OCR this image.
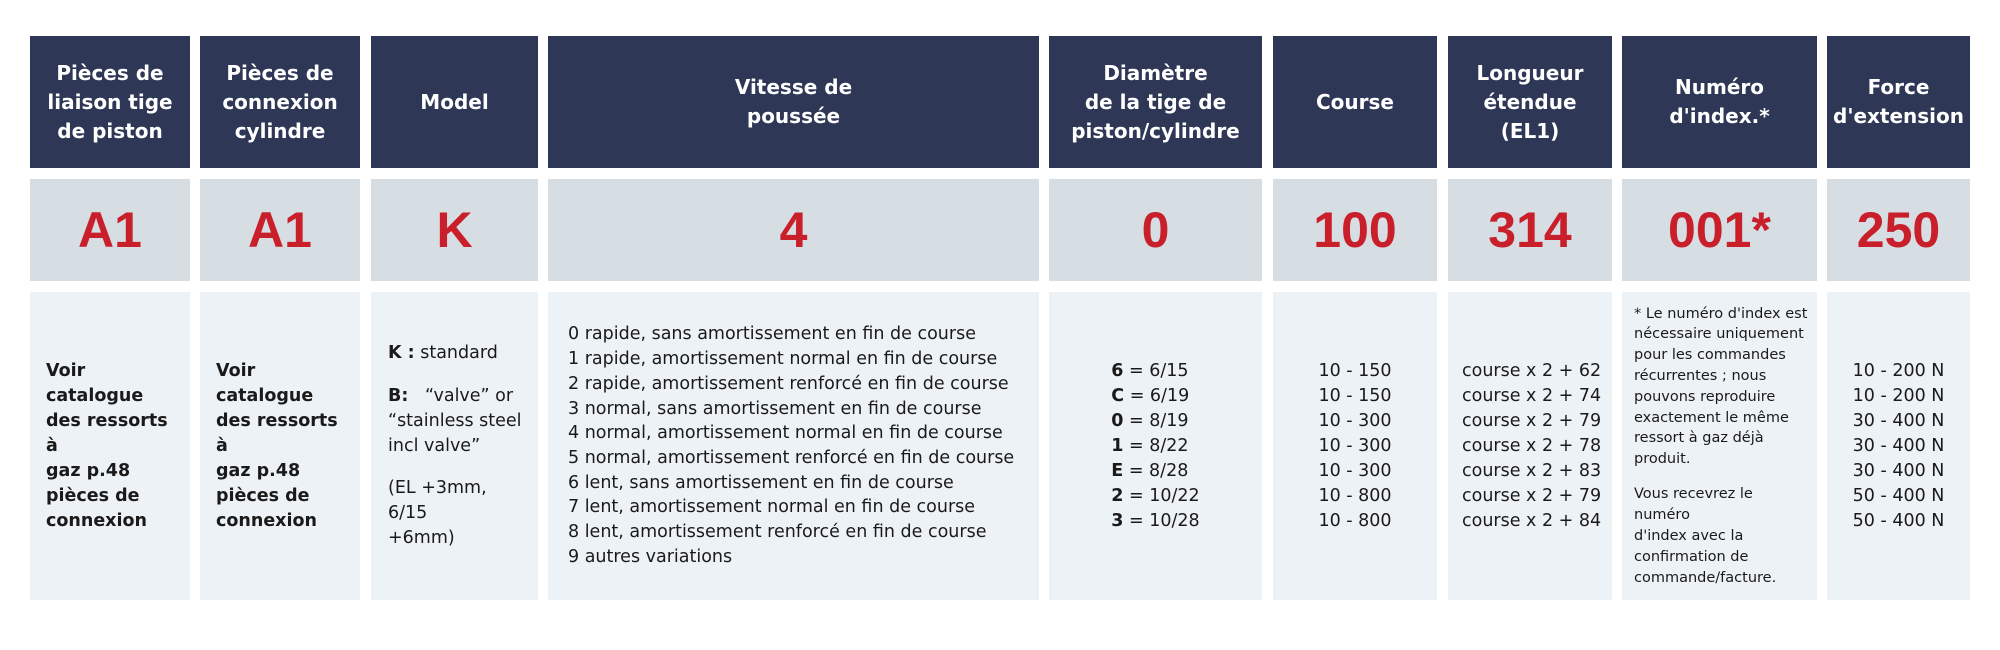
Pièces de
liaison tige
de piston
A1
Voir catalogue
des ressorts à
gaz p.48
pièces de
connexion
Pièces de
connexion
cylindre
A1
Voir catalogue
des ressorts à
gaz p.48
pièces de
connexion
Model
K
K : standard
B: “valve” or
“stainless steel
incl valve”
(EL +3mm, 6/15
+6mm)
Vitesse de
poussée
4
0 rapide, sans amortissement en fin de course
1 rapide, amortissement normal en fin de course
2 rapide, amortissement renforcé en fin de course
3 normal, sans amortissement en fin de course
4 normal, amortissement normal en fin de course
5 normal, amortissement renforcé en fin de course
6 lent, sans amortissement en fin de course
7 lent, amortissement normal en fin de course
8 lent, amortissement renforcé en fin de course
9 autres variations
Diamètre
de la tige de
piston/cylindre
0
6 = 6/15
C = 6/19
0 = 8/19
1 = 8/22
E = 8/28
2 = 10/22
3 = 10/28
Course
100
10 - 150
10 - 150
10 - 300
10 - 300
10 - 300
10 - 800
10 - 800
Longueur
étendue (EL1)
314
course x 2 + 62
course x 2 + 74
course x 2 + 79
course x 2 + 78
course x 2 + 83
course x 2 + 79
course x 2 + 84
Numéro
d'index.*
001*
* Le numéro d'index est
nécessaire uniquement
pour les commandes
récurrentes ; nous
pouvons reproduire
exactement le même
ressort à gaz déjà
produit.
Vous recevrez le numéro
d'index avec la
confirmation de
commande/facture.
Force
d'extension
250
10 - 200 N
10 - 200 N
30 - 400 N
30 - 400 N
30 - 400 N
50 - 400 N
50 - 400 N
